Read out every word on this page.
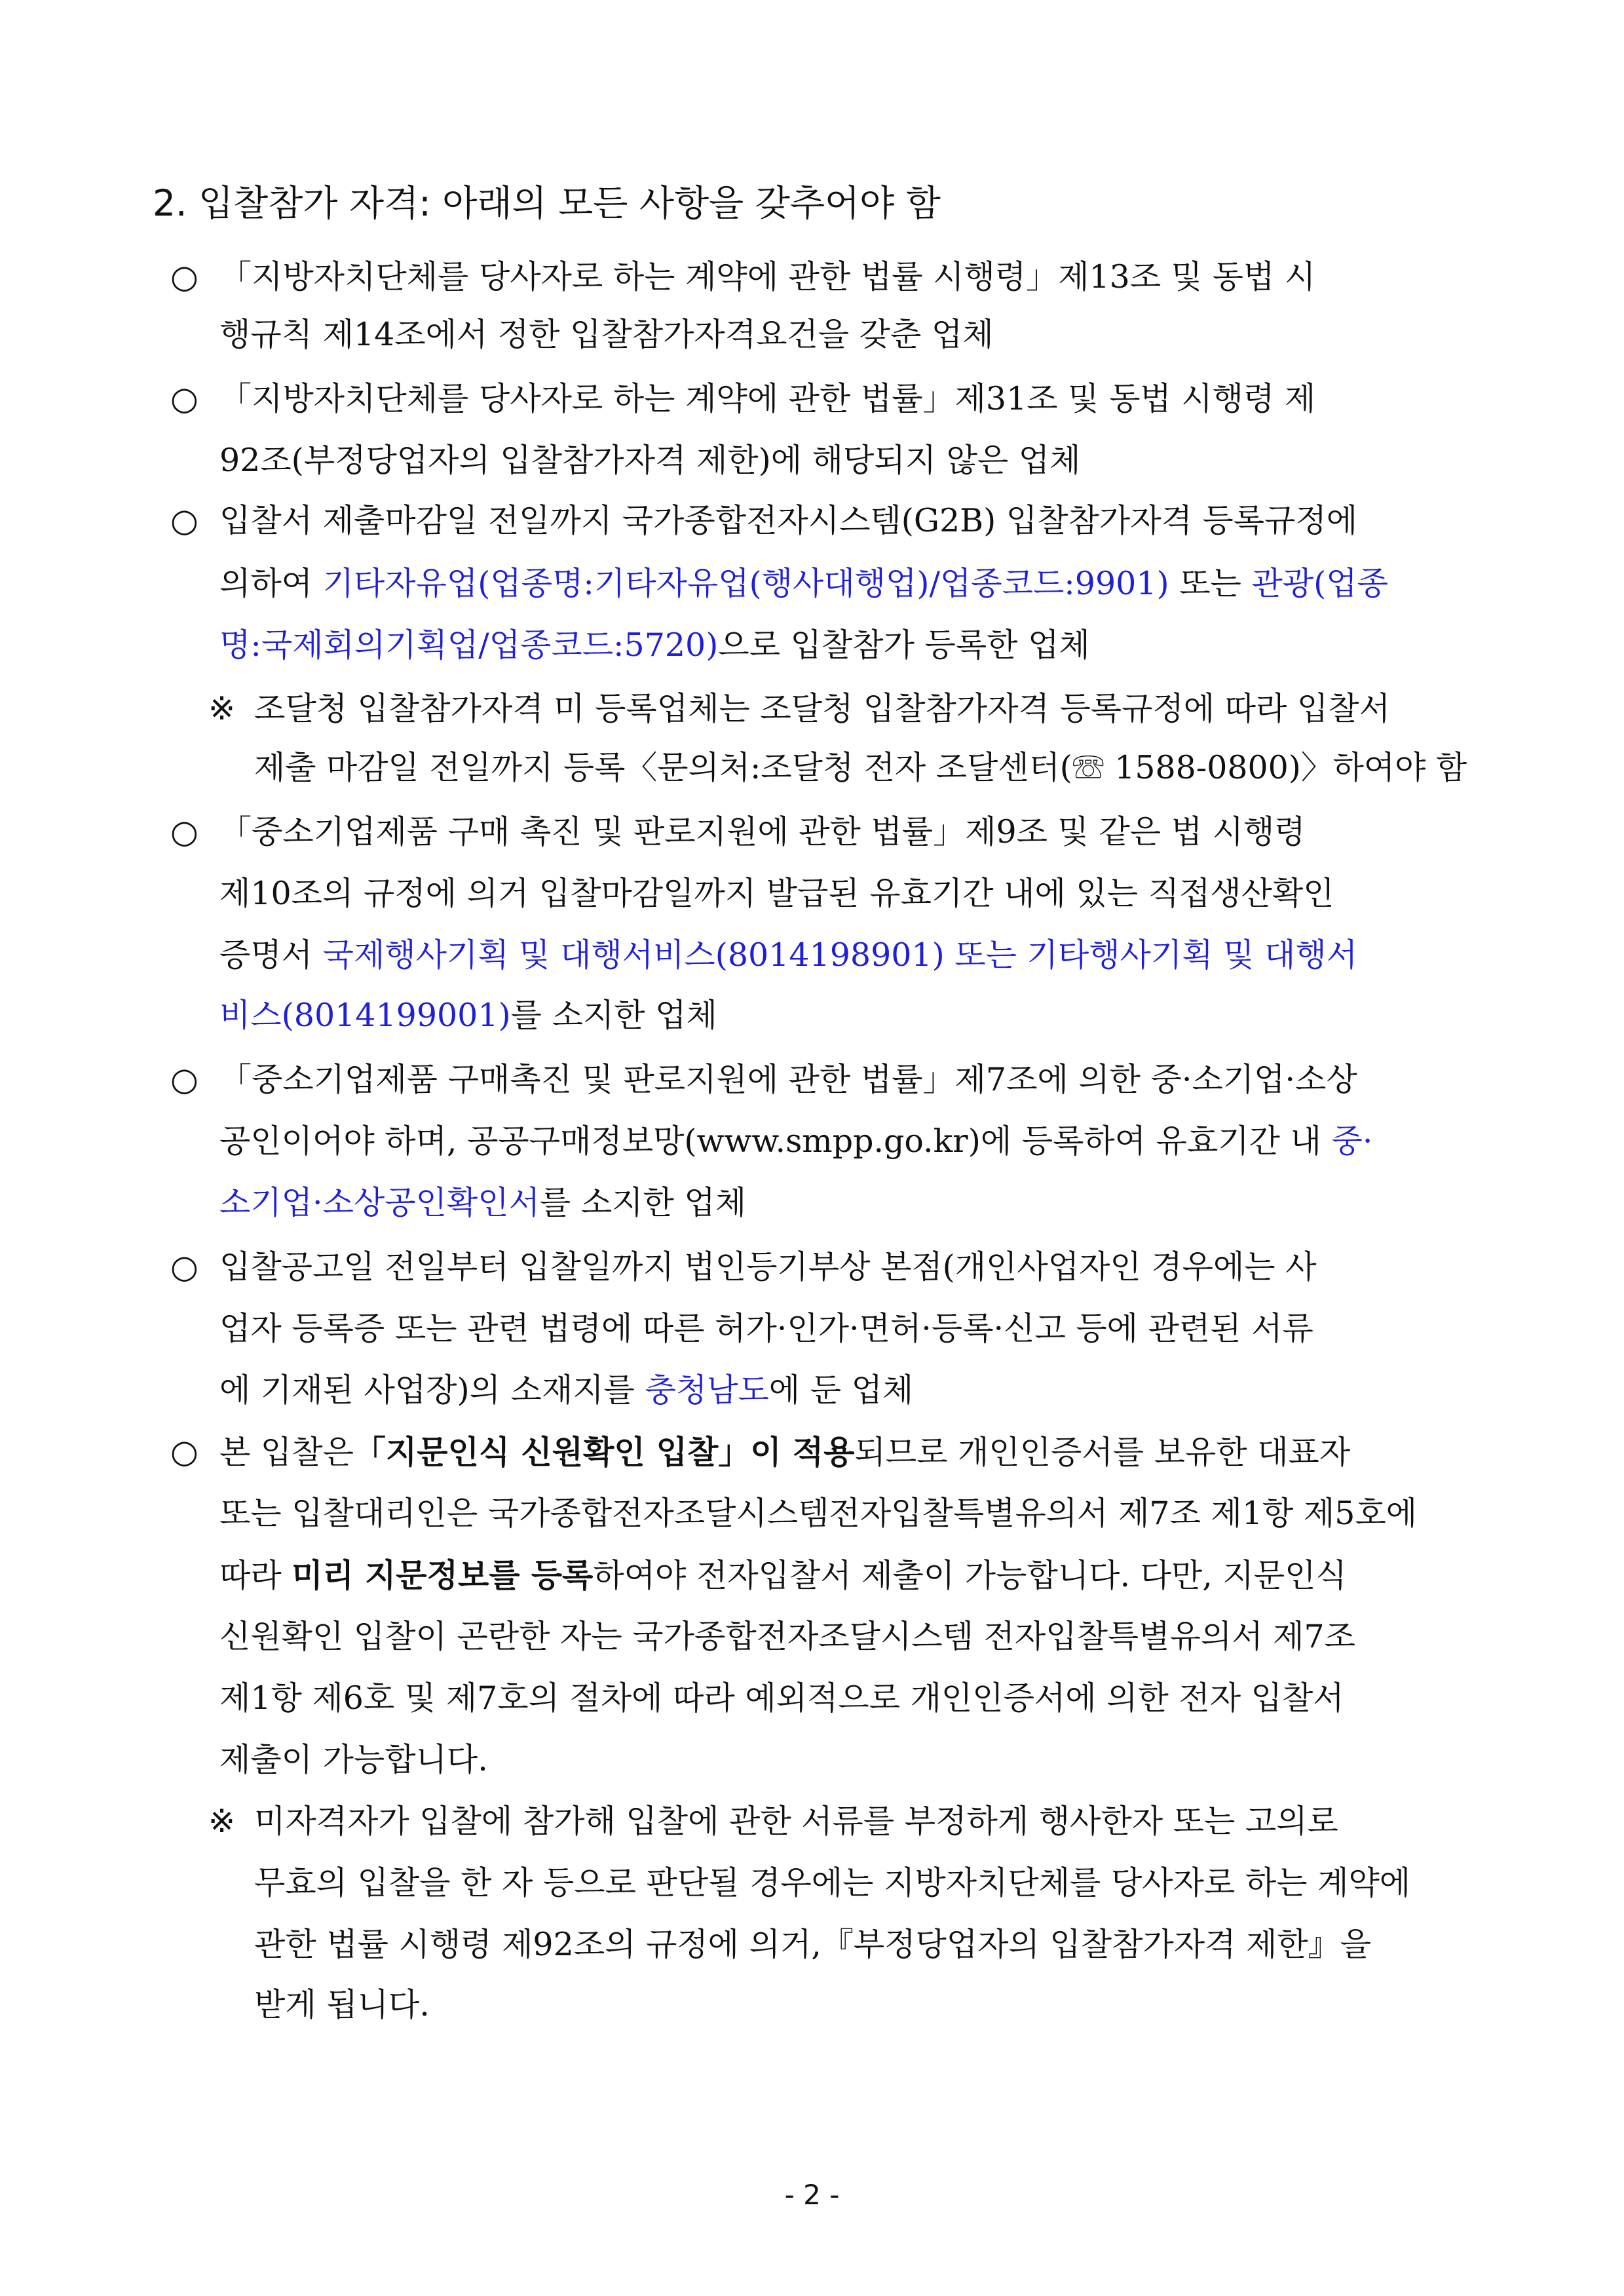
2. 입찰참가 자격: 아래의 모든 사항을 갖추어야 함
○ 「지방자치단체를 당사자로 하는 계약에 관한 법률 시행령」제13조 및 동법 시
행규칙 제14조에서 정한 입찰참가자격요건을 갖춘 업체
○ 「지방자치단체를 당사자로 하는 계약에 관한 법률」제31조 및 동법 시행령 제
92조(부정당업자의 입찰참가자격 제한)에 해당되지 않은 업체
○ 입찰서 제출마감일 전일까지 국가종합전자시스템(G2B) 입찰참가자격 등록규정에
의하여 기타자유업(업종명:기타자유업(행사대행업)/업종코드:9901) 또는 관광(업종
명:국제회의기획업/업종코드:5720)으로 입찰참가 등록한 업체
※ 조달청 입찰참가자격 미 등록업체는 조달청 입찰참가자격 등록규정에 따라 입찰서
제출 마감일 전일까지 등록〈문의처:조달청 전자 조달센터(☏ 1588-0800)〉하여야 함
○ 「중소기업제품 구매 촉진 및 판로지원에 관한 법률」제9조 및 같은 법 시행령
제10조의 규정에 의거 입찰마감일까지 발급된 유효기간 내에 있는 직접생산확인
증명서 국제행사기획 및 대행서비스(8014198901) 또는 기타행사기획 및 대행서
비스(8014199001)를 소지한 업체
○ 「중소기업제품 구매촉진 및 판로지원에 관한 법률」제7조에 의한 중·소기업·소상
공인이어야 하며, 공공구매정보망(www.smpp.go.kr)에 등록하여 유효기간 내 중·
소기업·소상공인확인서를 소지한 업체
○ 입찰공고일 전일부터 입찰일까지 법인등기부상 본점(개인사업자인 경우에는 사
업자 등록증 또는 관련 법령에 따른 허가·인가·면허·등록·신고 등에 관련된 서류
에 기재된 사업장)의 소재지를 충청남도에 둔 업체
○ 본 입찰은「지문인식 신원확인 입찰」이 적용되므로 개인인증서를 보유한 대표자
또는 입찰대리인은 국가종합전자조달시스템전자입찰특별유의서 제7조 제1항 제5호에
따라 미리 지문정보를 등록하여야 전자입찰서 제출이 가능합니다. 다만, 지문인식
신원확인 입찰이 곤란한 자는 국가종합전자조달시스템 전자입찰특별유의서 제7조
제1항 제6호 및 제7호의 절차에 따라 예외적으로 개인인증서에 의한 전자 입찰서
제출이 가능합니다.
※ 미자격자가 입찰에 참가해 입찰에 관한 서류를 부정하게 행사한자 또는 고의로
무효의 입찰을 한 자 등으로 판단될 경우에는 지방자치단체를 당사자로 하는 계약에
관한 법률 시행령 제92조의 규정에 의거,『부정당업자의 입찰참가자격 제한』을
받게 됩니다.
- 2 -
